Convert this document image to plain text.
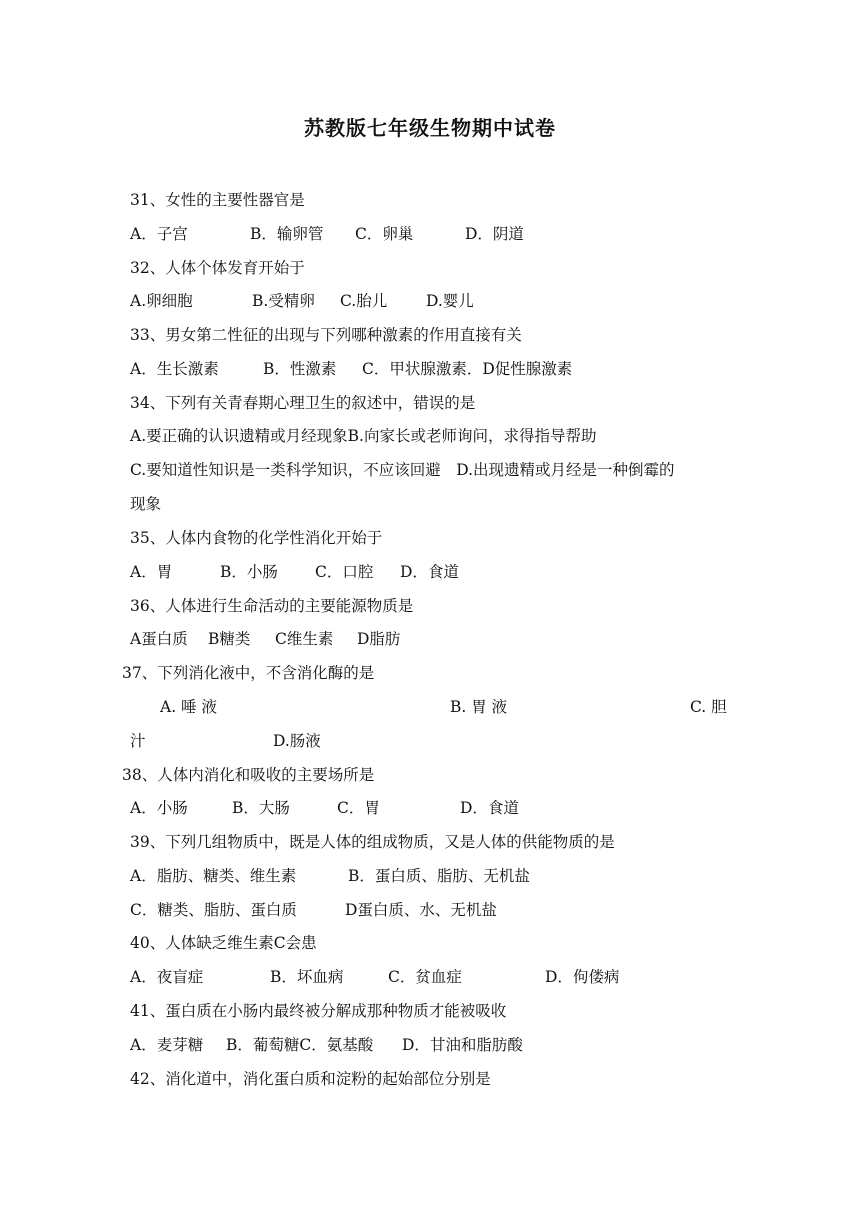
苏教版七年级生物期中试卷
31、女性的主要性器官是
A．子宫	B．输卵管 C．卵巢	D．阴道
32、人体个体发育开始于
A.卵细胞	B.受精卵 C.胎儿	D.婴儿
33、男女第二性征的出现与下列哪种激素的作用直接有关
A．生长激素	B．性激素 C．甲状腺激素．D促性腺激素
34、下列有关青春期心理卫生的叙述中，错误的是
A.要正确的认识遗精或月经现象B.向家长或老师询问，求得指导帮助
C.要知道性知识是一类科学知识，不应该回避　D.出现遗精或月经是一种倒霉的
现象
35、人体内食物的化学性消化开始于
A．胃	B．小肠 C．口腔 D．食道
36、人体进行生命活动的主要能源物质是
A蛋白质 B糖类 C维生素 D脂肪
37、下列消化液中，不含消化酶的是
A. 唾 液	B. 胃 液	C. 胆
汁	D.肠液
38、人体内消化和吸收的主要场所是
A．小肠	B．大肠	C．胃	D．食道
39、下列几组物质中，既是人体的组成物质，又是人体的供能物质的是
A．脂肪、糖类、维生素	B．蛋白质、脂肪、无机盐
C．糖类、脂肪、蛋白质	D蛋白质、水、无机盐
40、人体缺乏维生素C会患
A．夜盲症	B．坏血病	C．贫血症	D．佝偻病
41、蛋白质在小肠内最终被分解成那种物质才能被吸收
A．麦芽糖 B．葡萄糖C．氨基酸 D．甘油和脂肪酸
42、消化道中，消化蛋白质和淀粉的起始部位分别是
